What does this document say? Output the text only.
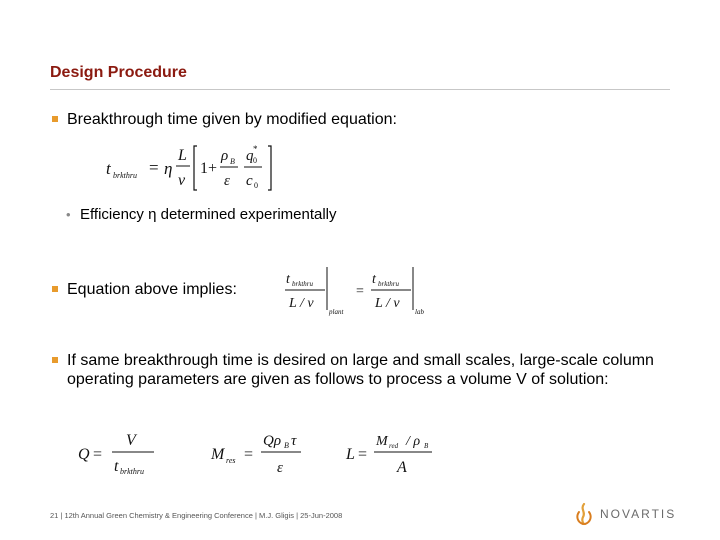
Design Procedure
Breakthrough time given by modified equation:
t brkthru = η
L
v
1+
ρ B
ε
q 0
*
c 0
• Efficiency η determined experimentally
Equation above implies:
t brkthru
L / v
plant
=
t brkthru
L / v
lab
If same breakthrough time is desired on large and small scales, large-scale column operating parameters are given as follows to process a volume V of solution:
Q =
V
t brkthru
M res =
Qρ B τ
ε
L =
M red / ρ B
A
21 | 12th Annual Green Chemistry & Engineering Conference | M.J. Gligis | 25-Jun-2008	NOVARTIS
